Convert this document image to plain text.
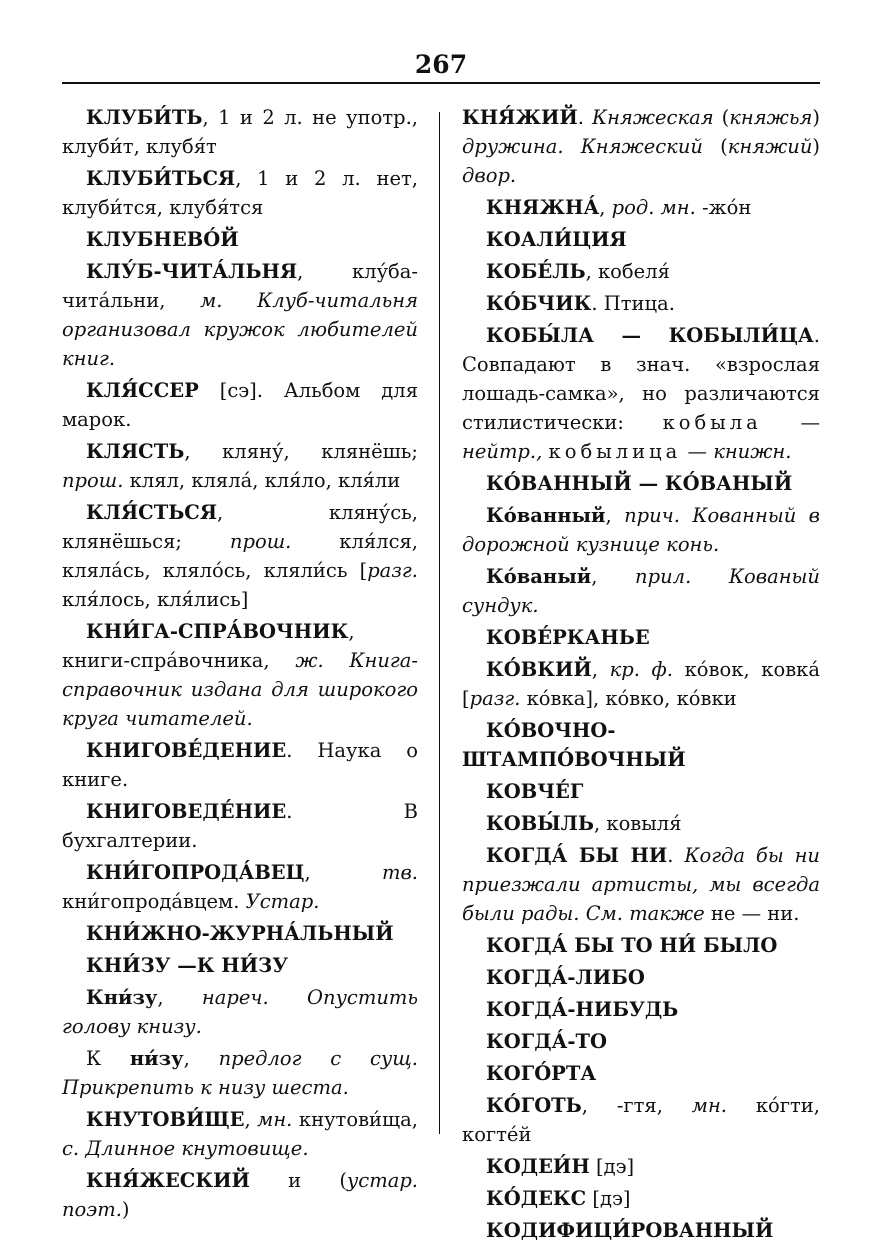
267

КЛУБИ́ТЬ, 1 и 2 л. не употр., клуби́т, клубя́т

КЛУБИ́ТЬСЯ, 1 и 2 л. нет, клуби́тся, клубя́тся

КЛУБНЕВО́Й

КЛУ́Б-ЧИТА́ЛЬНЯ, клу́ба-чита́льни, м. Клуб-читальня организовал кружок любителей книг.

КЛЯ́ССЕР [сэ]. Альбом для марок.

КЛЯСТЬ, кляну́, клянёшь; прош. клял, кляла́, кля́ло, кля́ли

КЛЯ́СТЬСЯ, кляну́сь, клянёшься; прош. кля́лся, кляла́сь, кляло́сь, кляли́сь [разг. кля́лось, кля́лись]

КНИ́ГА-СПРА́ВОЧНИК, книги-спра́вочника, ж. Книга-справочник издана для широкого круга читателей.

КНИГОВЕ́ДЕНИЕ. Наука о книге.

КНИГОВЕДЕ́НИЕ. В бухгалтерии.

КНИ́ГОПРОДА́ВЕЦ, тв. кни́гопрода́вцем. Устар.

КНИ́ЖНО-ЖУРНА́ЛЬНЫЙ

КНИ́ЗУ —К НИ́ЗУ

Кни́зу, нареч. Опустить голову книзу.

К ни́зу, предлог с сущ. Прикрепить к низу шеста.

КНУТОВИ́ЩЕ, мн. кнутови́ща, с. Длинное кнутовище.

КНЯ́ЖЕСКИЙ и (устар. поэт.)

КНЯ́ЖИЙ. Княжеская (княжья) дружина. Княжеский (княжий) двор.

КНЯЖНА́, род. мн. -жо́н

КОАЛИ́ЦИЯ

КОБЕ́ЛЬ, кобеля́

КО́БЧИК. Птица.

КОБЫ́ЛА — КОБЫЛИ́ЦА. Совпадают в знач. «взрослая лошадь-самка», но различаются стилистически: кобыла — нейтр., кобылица — книжн.

КО́ВАННЫЙ — КО́ВАНЫЙ

Ко́ванный, прич. Кованный в дорожной кузнице конь.

Ко́ваный, прил. Кованый сундук.

КОВЕ́РКАНЬЕ

КО́ВКИЙ, кр. ф. ко́вок, ковка́ [разг. ко́вка], ко́вко, ко́вки

КО́ВОЧНО-ШТАМПО́ВОЧНЫЙ

КОВЧЕ́Г

КОВЫ́ЛЬ, ковыля́

КОГДА́ БЫ НИ. Когда бы ни приезжали артисты, мы всегда были рады. См. также не — ни.

КОГДА́ БЫ ТО НИ́ БЫЛО

КОГДА́-ЛИБО

КОГДА́-НИБУДЬ

КОГДА́-ТО

КОГО́РТА

КО́ГОТЬ, -гтя, мн. ко́гти, когте́й

КОДЕИ́Н [дэ]

КО́ДЕКС [дэ]

КОДИФИЦИ́РОВАННЫЙ
